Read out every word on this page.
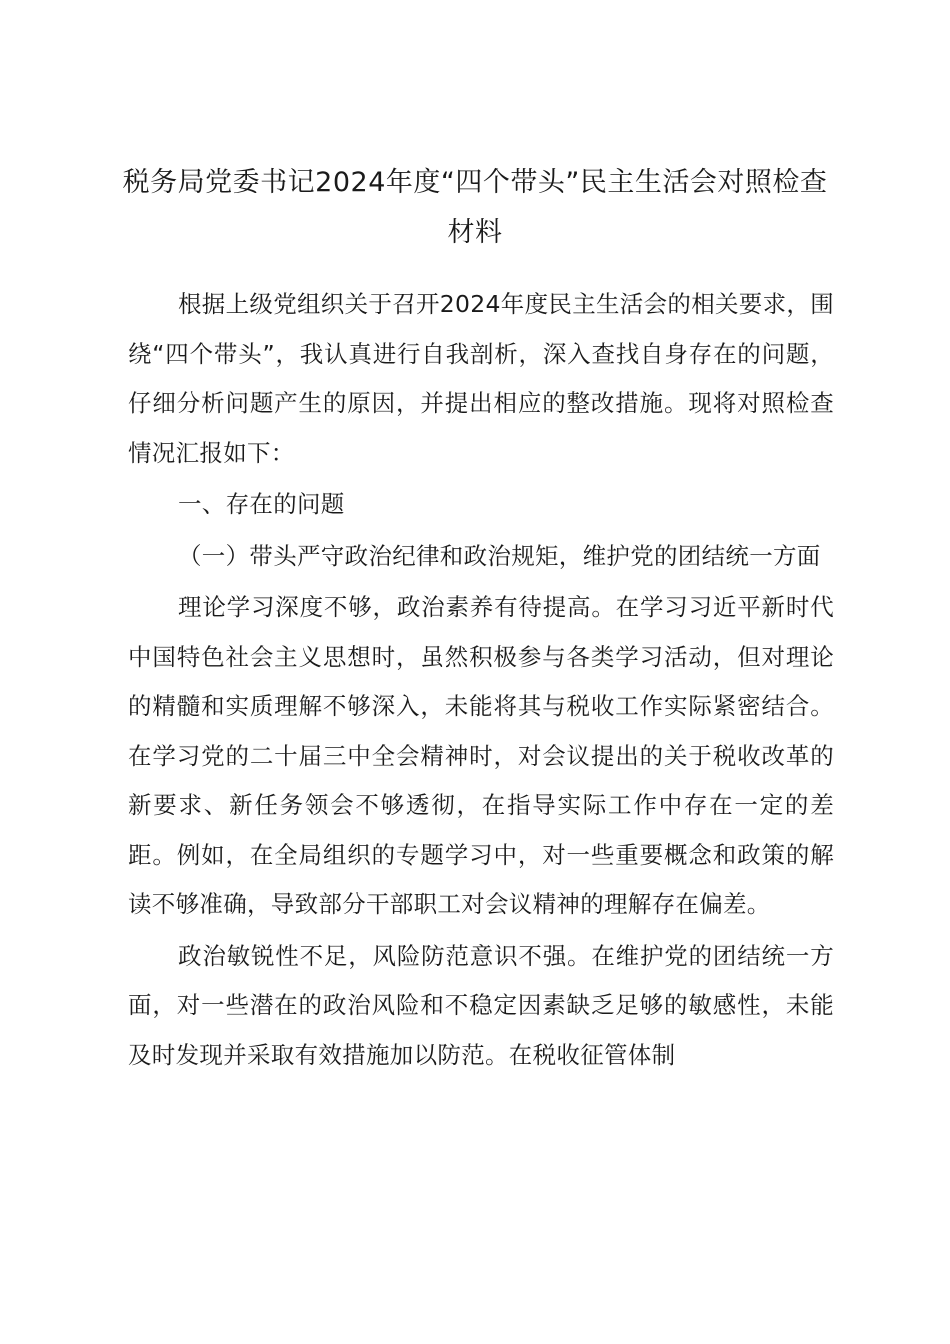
税务局党委书记2024年度“四个带头”民主生活会对照检查材料

根据上级党组织关于召开2024年度民主生活会的相关要求，围绕“四个带头”，我认真进行自我剖析，深入查找自身存在的问题，仔细分析问题产生的原因，并提出相应的整改措施。现将对照检查情况汇报如下：

一、存在的问题

（一）带头严守政治纪律和政治规矩，维护党的团结统一方面

理论学习深度不够，政治素养有待提高。在学习习近平新时代中国特色社会主义思想时，虽然积极参与各类学习活动，但对理论的精髓和实质理解不够深入，未能将其与税收工作实际紧密结合。在学习党的二十届三中全会精神时，对会议提出的关于税收改革的新要求、新任务领会不够透彻，在指导实际工作中存在一定的差距。例如，在全局组织的专题学习中，对一些重要概念和政策的解读不够准确，导致部分干部职工对会议精神的理解存在偏差。

政治敏锐性不足，风险防范意识不强。在维护党的团结统一方面，对一些潜在的政治风险和不稳定因素缺乏足够的敏感性，未能及时发现并采取有效措施加以防范。在税收征管体制
